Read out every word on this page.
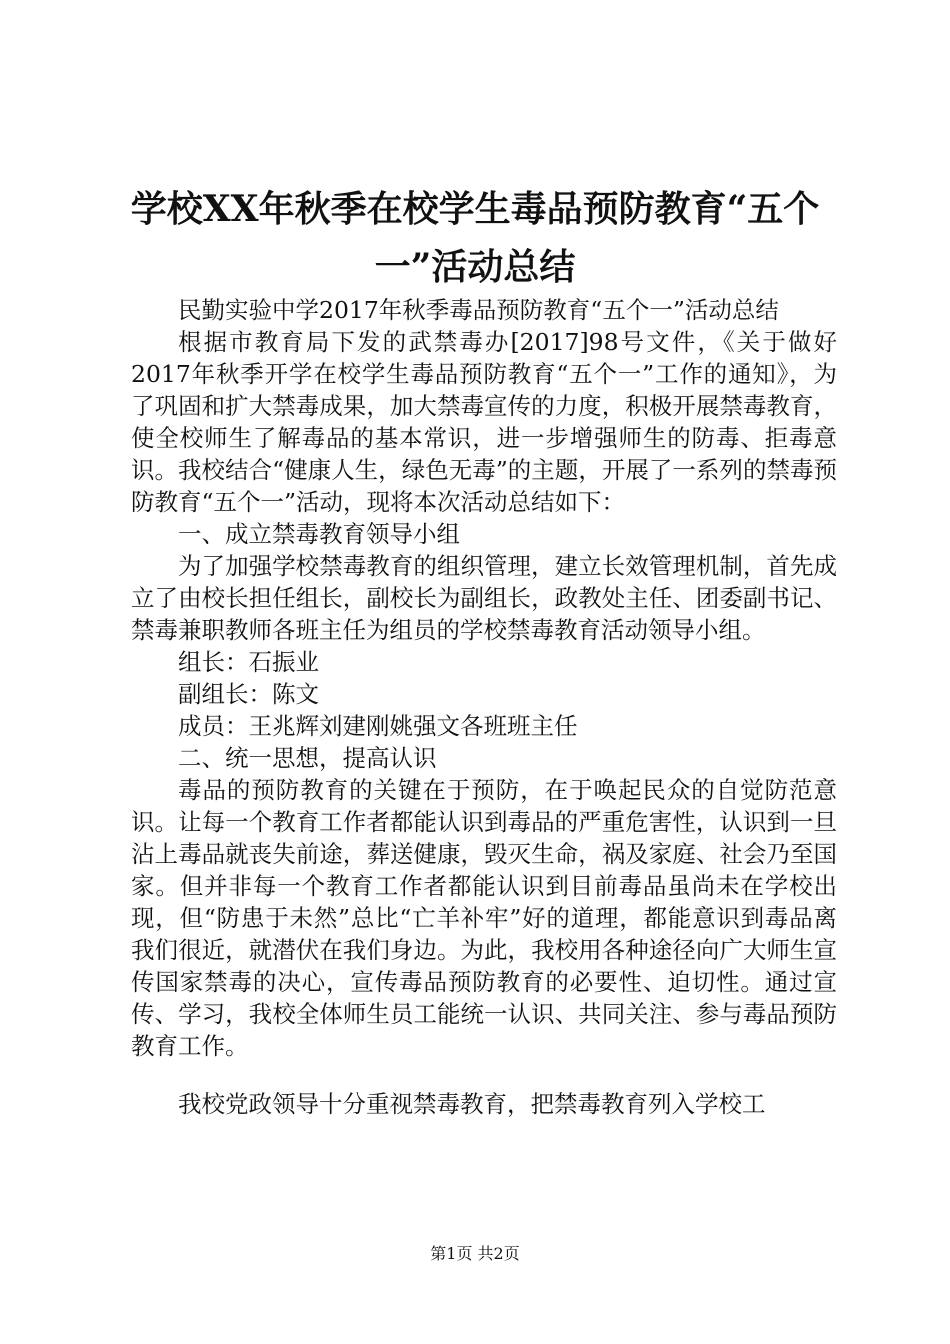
学校XX年秋季在校学生毒品预防教育“五个一”活动总结

民勤实验中学2017年秋季毒品预防教育“五个一”活动总结

根据市教育局下发的武禁毒办[2017]98号文件，《关于做好2017年秋季开学在校学生毒品预防教育“五个一”工作的通知》，为了巩固和扩大禁毒成果，加大禁毒宣传的力度，积极开展禁毒教育，使全校师生了解毒品的基本常识，进一步增强师生的防毒、拒毒意识。我校结合“健康人生，绿色无毒”的主题，开展了一系列的禁毒预防教育“五个一”活动，现将本次活动总结如下：

一、成立禁毒教育领导小组

为了加强学校禁毒教育的组织管理，建立长效管理机制，首先成立了由校长担任组长，副校长为副组长，政教处主任、团委副书记、禁毒兼职教师各班主任为组员的学校禁毒教育活动领导小组。

组长：石振业

副组长：陈文

成员：王兆辉刘建刚姚强文各班班主任

二、统一思想，提高认识

毒品的预防教育的关键在于预防，在于唤起民众的自觉防范意识。让每一个教育工作者都能认识到毒品的严重危害性，认识到一旦沾上毒品就丧失前途，葬送健康，毁灭生命，祸及家庭、社会乃至国家。但并非每一个教育工作者都能认识到目前毒品虽尚未在学校出现，但“防患于未然”总比“亡羊补牢”好的道理，都能意识到毒品离我们很近，就潜伏在我们身边。为此，我校用各种途径向广大师生宣传国家禁毒的决心，宣传毒品预防教育的必要性、迫切性。通过宣传、学习，我校全体师生员工能统一认识、共同关注、参与毒品预防教育工作。

我校党政领导十分重视禁毒教育，把禁毒教育列入学校工

第1页 共2页
